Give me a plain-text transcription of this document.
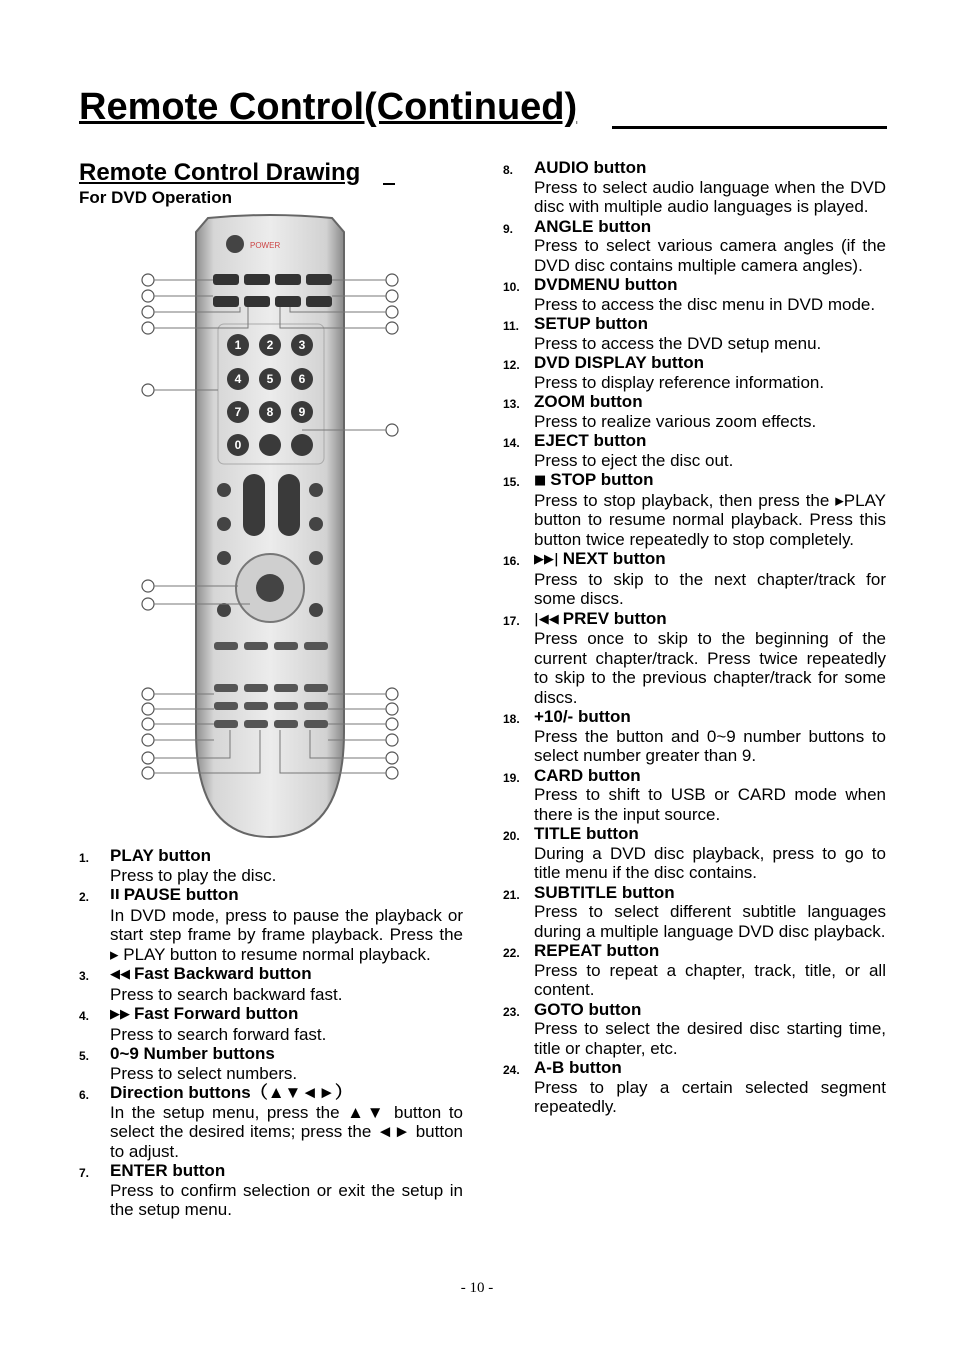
Remote Control(Continued)
Remote Control Drawing
For DVD Operation
POWER
1 2 3
4 5 6
7 8 9
0
1. PLAY button
Press to play the disc.
2. II PAUSE button
In DVD mode, press to pause the playback or start step frame by frame playback. Press the ▸ PLAY button to resume normal playback.
3. ◀◀ Fast Backward button
Press to search backward fast.
4. ▶▶ Fast Forward button
Press to search forward fast.
5. 0~9 Number buttons
Press to select numbers.
6. Direction buttons（▲▼◄►）
In the setup menu, press the ▲▼ button to select the desired items; press the ◄► button to adjust.
7. ENTER button
Press to confirm selection or exit the setup in the setup menu.
8. AUDIO button
Press to select audio language when the DVD disc with multiple audio languages is played.
9. ANGLE button
Press to select various camera angles (if the DVD disc contains multiple camera angles).
10. DVDMENU button
Press to access the disc menu in DVD mode.
11. SETUP button
Press to access the DVD setup menu.
12. DVD DISPLAY button
Press to display reference information.
13. ZOOM button
Press to realize various zoom effects.
14. EJECT button
Press to eject the disc out.
15. ■ STOP button
Press to stop playback, then press the ▸PLAY button to resume normal playback. Press this button twice repeatedly to stop completely.
16. ▶▶| NEXT button
Press to skip to the next chapter/track for some discs.
17. |◀◀ PREV button
Press once to skip to the beginning of the current chapter/track. Press twice repeatedly to skip to the previous chapter/track for some discs.
18. +10/- button
Press the button and 0~9 number buttons to select number greater than 9.
19. CARD button
Press to shift to USB or CARD mode when there is the input source.
20. TITLE button
During a DVD disc playback, press to go to title menu if the disc contains.
21. SUBTITLE button
Press to select different subtitle languages during a multiple language DVD disc playback.
22. REPEAT button
Press to repeat a chapter, track, title, or all content.
23. GOTO button
Press to select the desired disc starting time, title or chapter, etc.
24. A-B button
Press to play a certain selected segment repeatedly.
- 10 -
